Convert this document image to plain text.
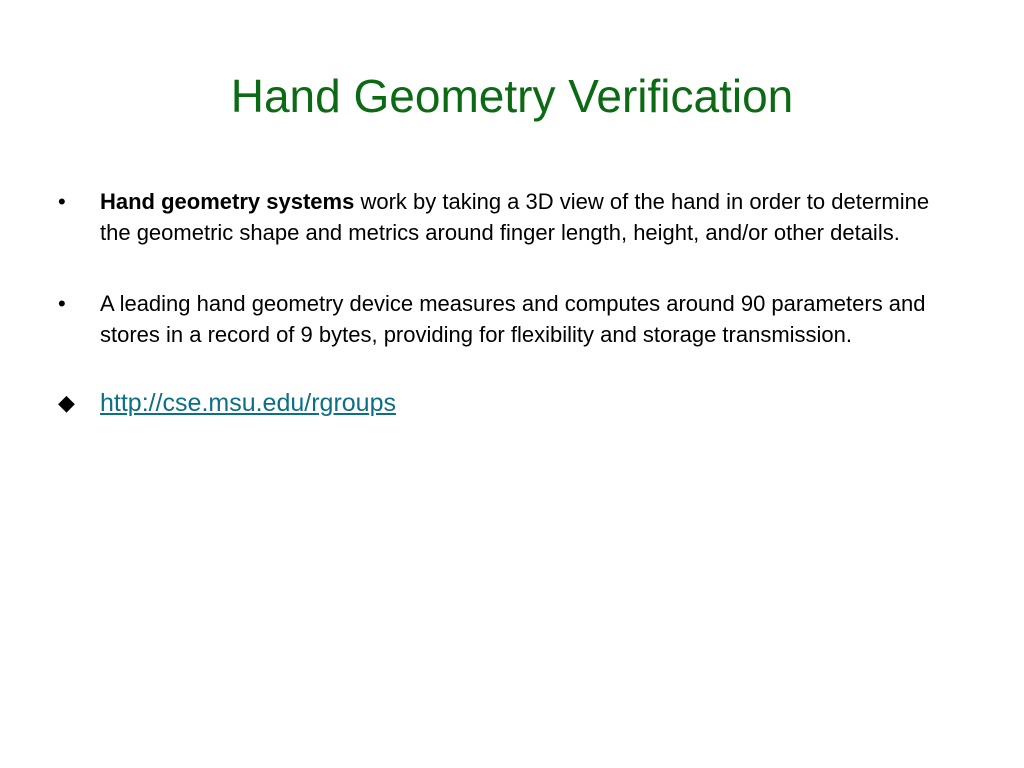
Hand Geometry Verification
•	Hand geometry systems work by taking a 3D view of the hand in order to determine the geometric shape and metrics around finger length, height, and/or other details.
•	A leading hand geometry device measures and computes around 90 parameters and stores in a record of 9 bytes, providing for flexibility and storage transmission.
◆ http://cse.msu.edu/rgroups
